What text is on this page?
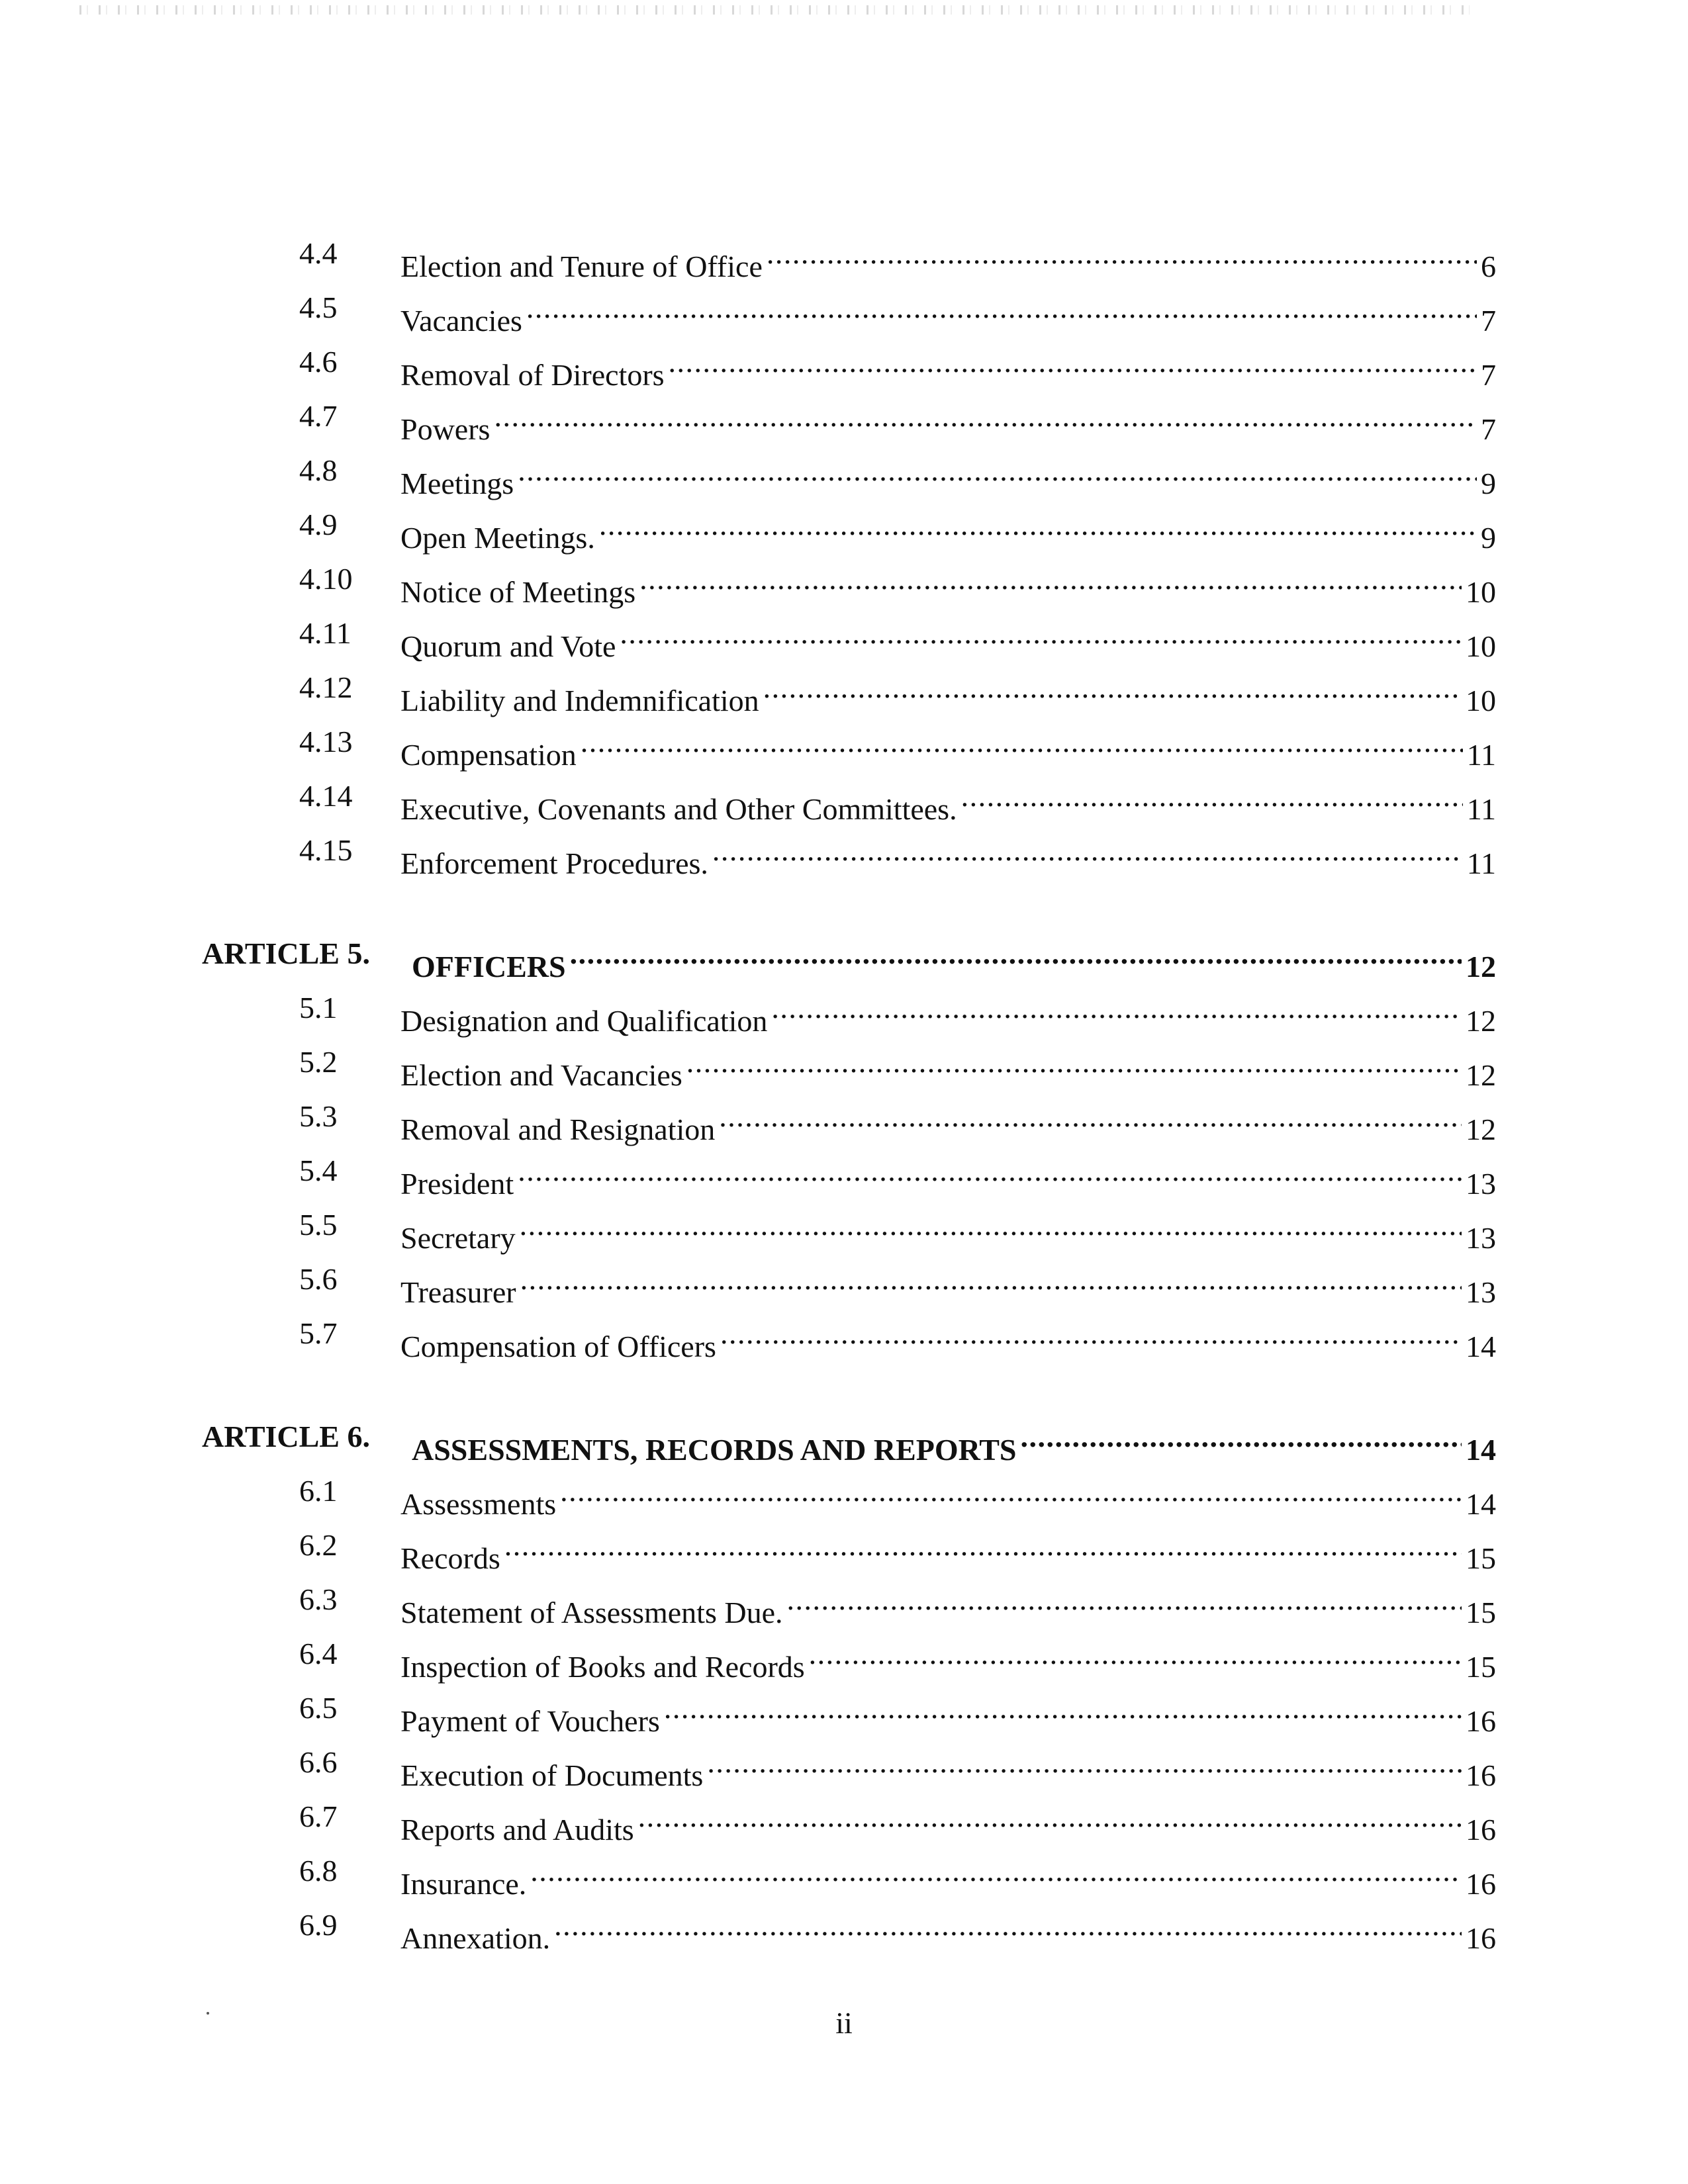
4.4	Election and Tenure of Office .....	6
4.5	Vacancies .....	7
4.6	Removal of Directors .....	7
4.7	Powers .....	7
4.8	Meetings .....	9
4.9	Open Meetings. .....	9
4.10	Notice of Meetings .....	10
4.11	Quorum and Vote .....	10
4.12	Liability and Indemnification .....	10
4.13	Compensation .....	11
4.14	Executive, Covenants and Other Committees. .....	11
4.15	Enforcement Procedures. .....	11
ARTICLE 5.	OFFICERS .....	12
5.1	Designation and Qualification .....	12
5.2	Election and Vacancies .....	12
5.3	Removal and Resignation .....	12
5.4	President .....	13
5.5	Secretary .....	13
5.6	Treasurer .....	13
5.7	Compensation of Officers .....	14
ARTICLE 6.	ASSESSMENTS, RECORDS AND REPORTS .....	14
6.1	Assessments .....	14
6.2	Records .....	15
6.3	Statement of Assessments Due. .....	15
6.4	Inspection of Books and Records .....	15
6.5	Payment of Vouchers .....	16
6.6	Execution of Documents .....	16
6.7	Reports and Audits .....	16
6.8	Insurance. .....	16
6.9	Annexation. .....	16
ii
